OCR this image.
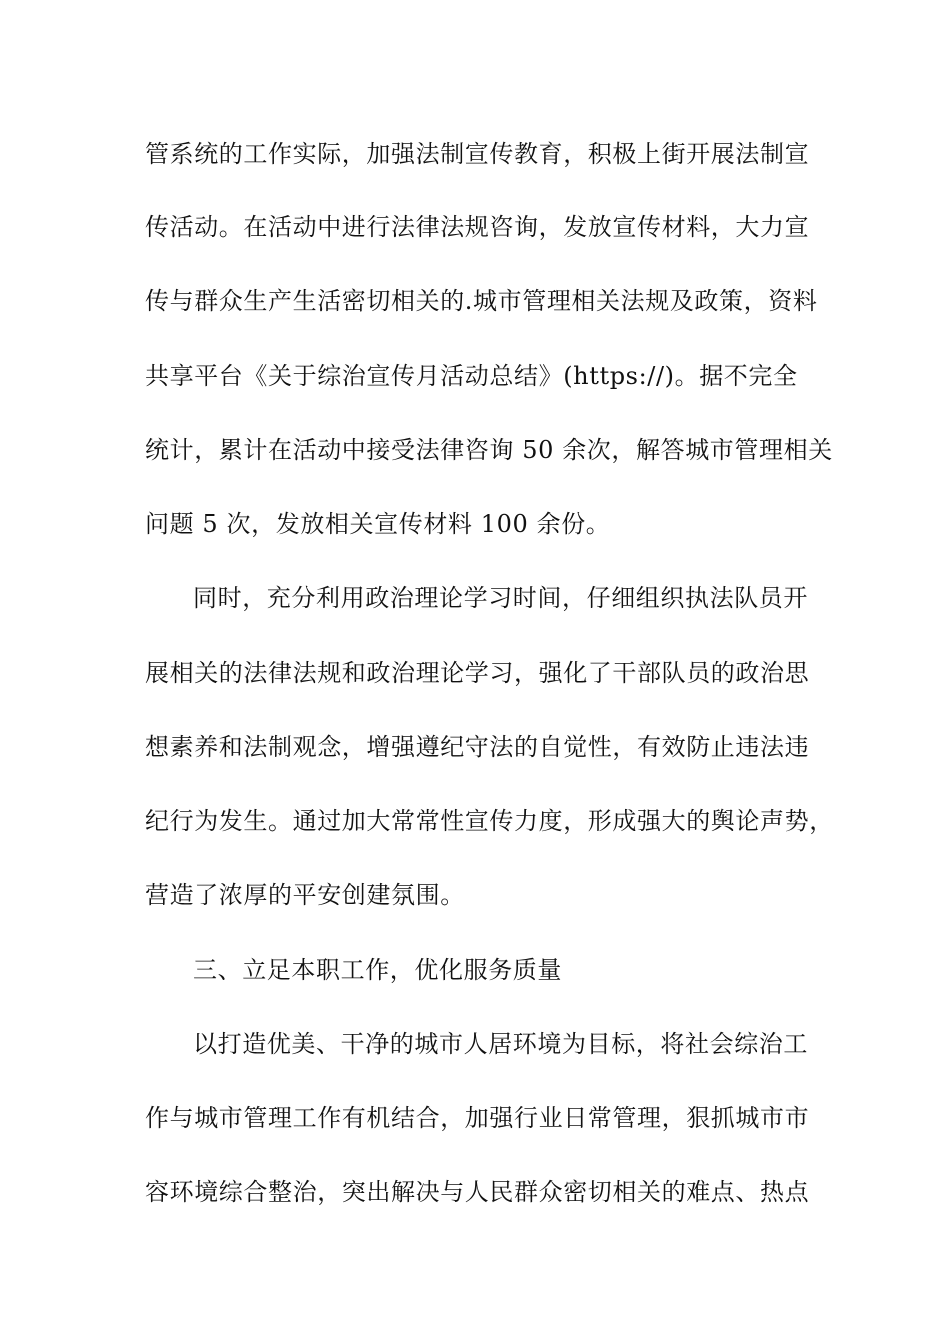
管系统的工作实际，加强法制宣传教育，积极上街开展法制宣
传活动。在活动中进行法律法规咨询，发放宣传材料，大力宣
传与群众生产生活密切相关的.城市管理相关法规及政策，资料
共享平台《关于综治宣传月活动总结》(https://)。据不完全
统计，累计在活动中接受法律咨询 50 余次，解答城市管理相关
问题 5 次，发放相关宣传材料 100 余份。
同时，充分利用政治理论学习时间，仔细组织执法队员开
展相关的法律法规和政治理论学习，强化了干部队员的政治思
想素养和法制观念，增强遵纪守法的自觉性，有效防止违法违
纪行为发生。通过加大常常性宣传力度，形成强大的舆论声势，
营造了浓厚的平安创建氛围。
三、立足本职工作，优化服务质量
以打造优美、干净的城市人居环境为目标，将社会综治工
作与城市管理工作有机结合，加强行业日常管理，狠抓城市市
容环境综合整治，突出解决与人民群众密切相关的难点、热点
